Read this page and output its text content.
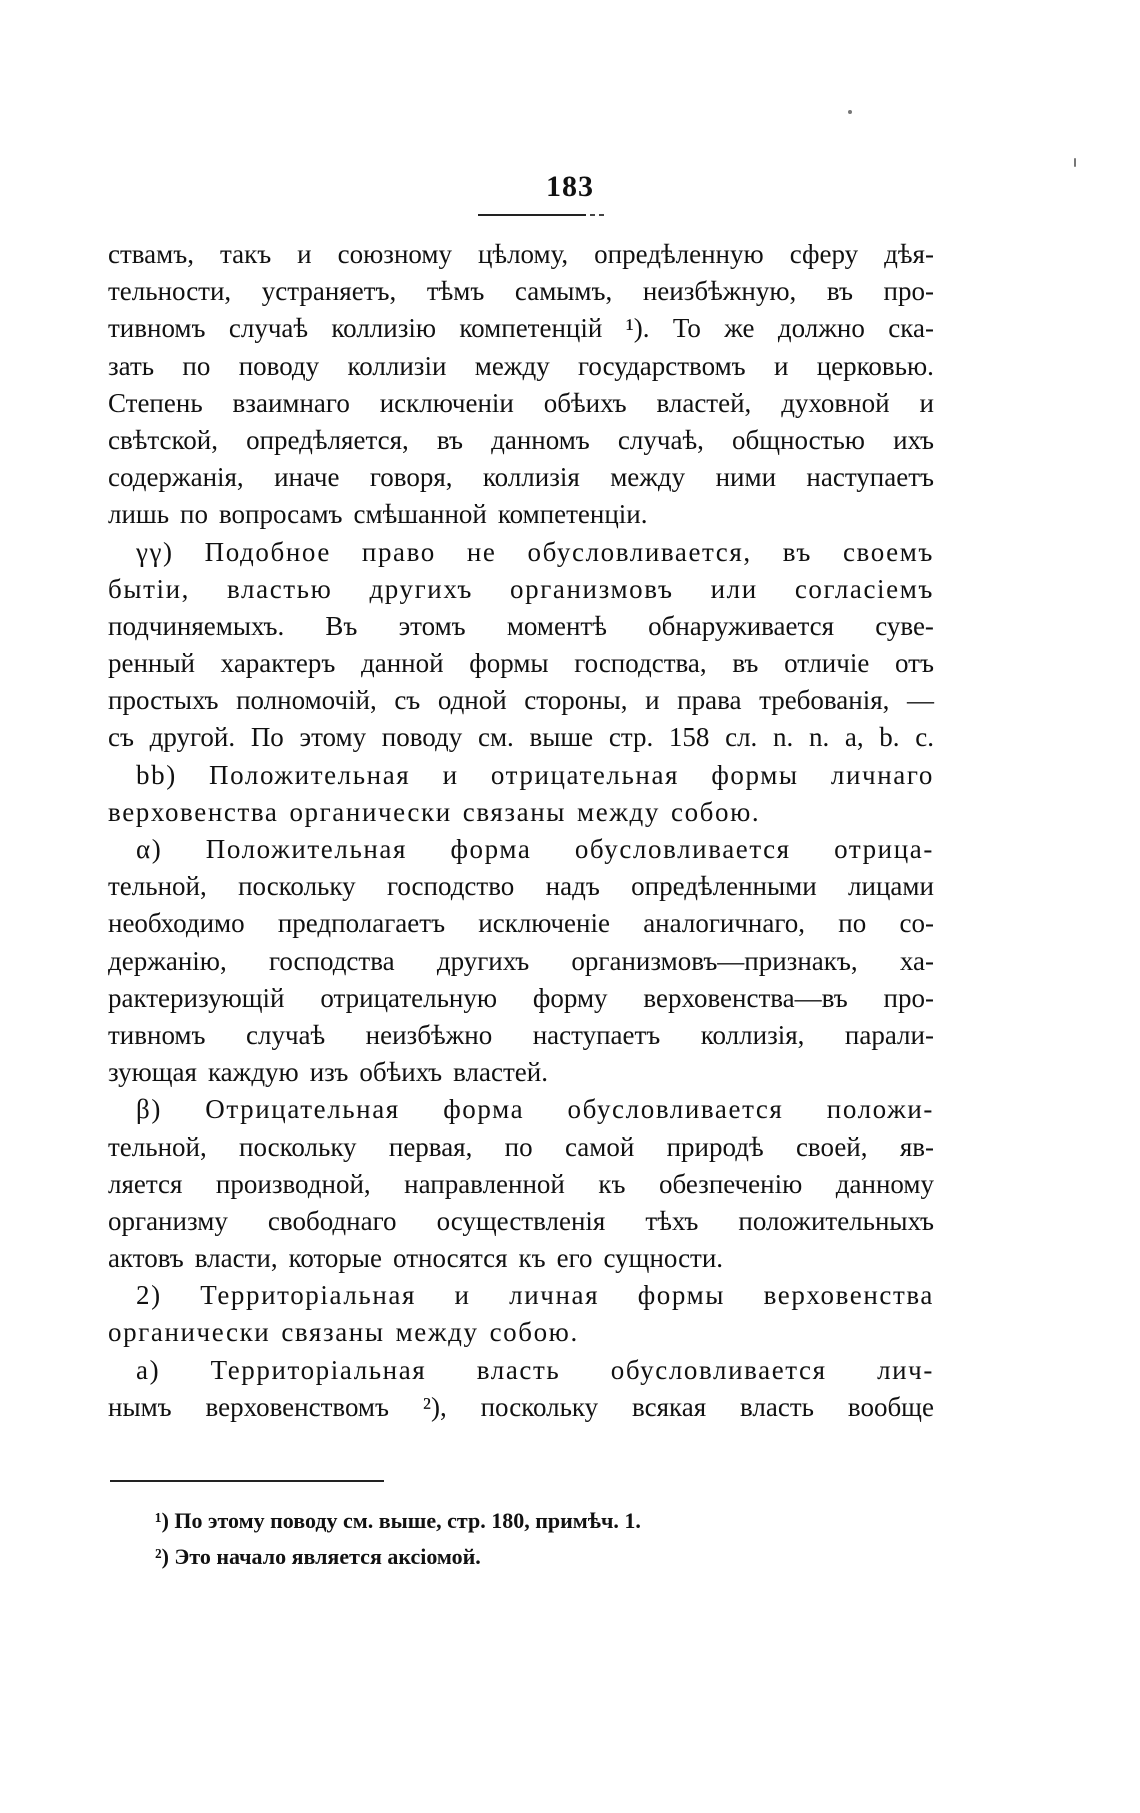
183
ствамъ, такъ и союзному цѣлому, опредѣленную сферу дѣя-
тельности, устраняетъ, тѣмъ самымъ, неизбѣжную, въ про-
тивномъ случаѣ коллизію компетенцій ¹). То же должно ска-
зать по поводу коллизіи между государствомъ и церковью.
Степень взаимнаго исключеніи обѣихъ властей, духовной и
свѣтской, опредѣляется, въ данномъ случаѣ, общностью ихъ
содержанія, иначе говоря, коллизія между ними наступаетъ
лишь по вопросамъ смѣшанной компетенціи.
γγ) Подобное право не обусловливается, въ своемъ
бытіи, властью другихъ организмовъ или согласіемъ
подчиняемыхъ. Въ этомъ моментѣ обнаруживается суве-
ренный характеръ данной формы господства, въ отличіе отъ
простыхъ полномочій, съ одной стороны, и права требованія, —
съ другой. По этому поводу см. выше стр. 158 сл. n. n. a, b. c.
bb) Положительная и отрицательная формы личнаго
верховенства органически связаны между собою.
α) Положительная форма обусловливается отрица-
тельной, поскольку господство надъ опредѣленными лицами
необходимо предполагаетъ исключеніе аналогичнаго, по со-
держанію, господства другихъ организмовъ—признакъ, ха-
рактеризующій отрицательную форму верховенства—въ про-
тивномъ случаѣ неизбѣжно наступаетъ коллизія, парали-
зующая каждую изъ обѣихъ властей.
β) Отрицательная форма обусловливается положи-
тельной, поскольку первая, по самой природѣ своей, яв-
ляется производной, направленной къ обезпеченію данному
организму свободнаго осуществленія тѣхъ положительныхъ
актовъ власти, которые относятся къ его сущности.
2) Территоріальная и личная формы верховенства
органически связаны между собою.
a) Территоріальная власть обусловливается лич-
нымъ верховенствомъ ²), поскольку всякая власть вообще
¹) По этому поводу см. выше, стр. 180, примѣч. 1.
²) Это начало является аксіомой.
